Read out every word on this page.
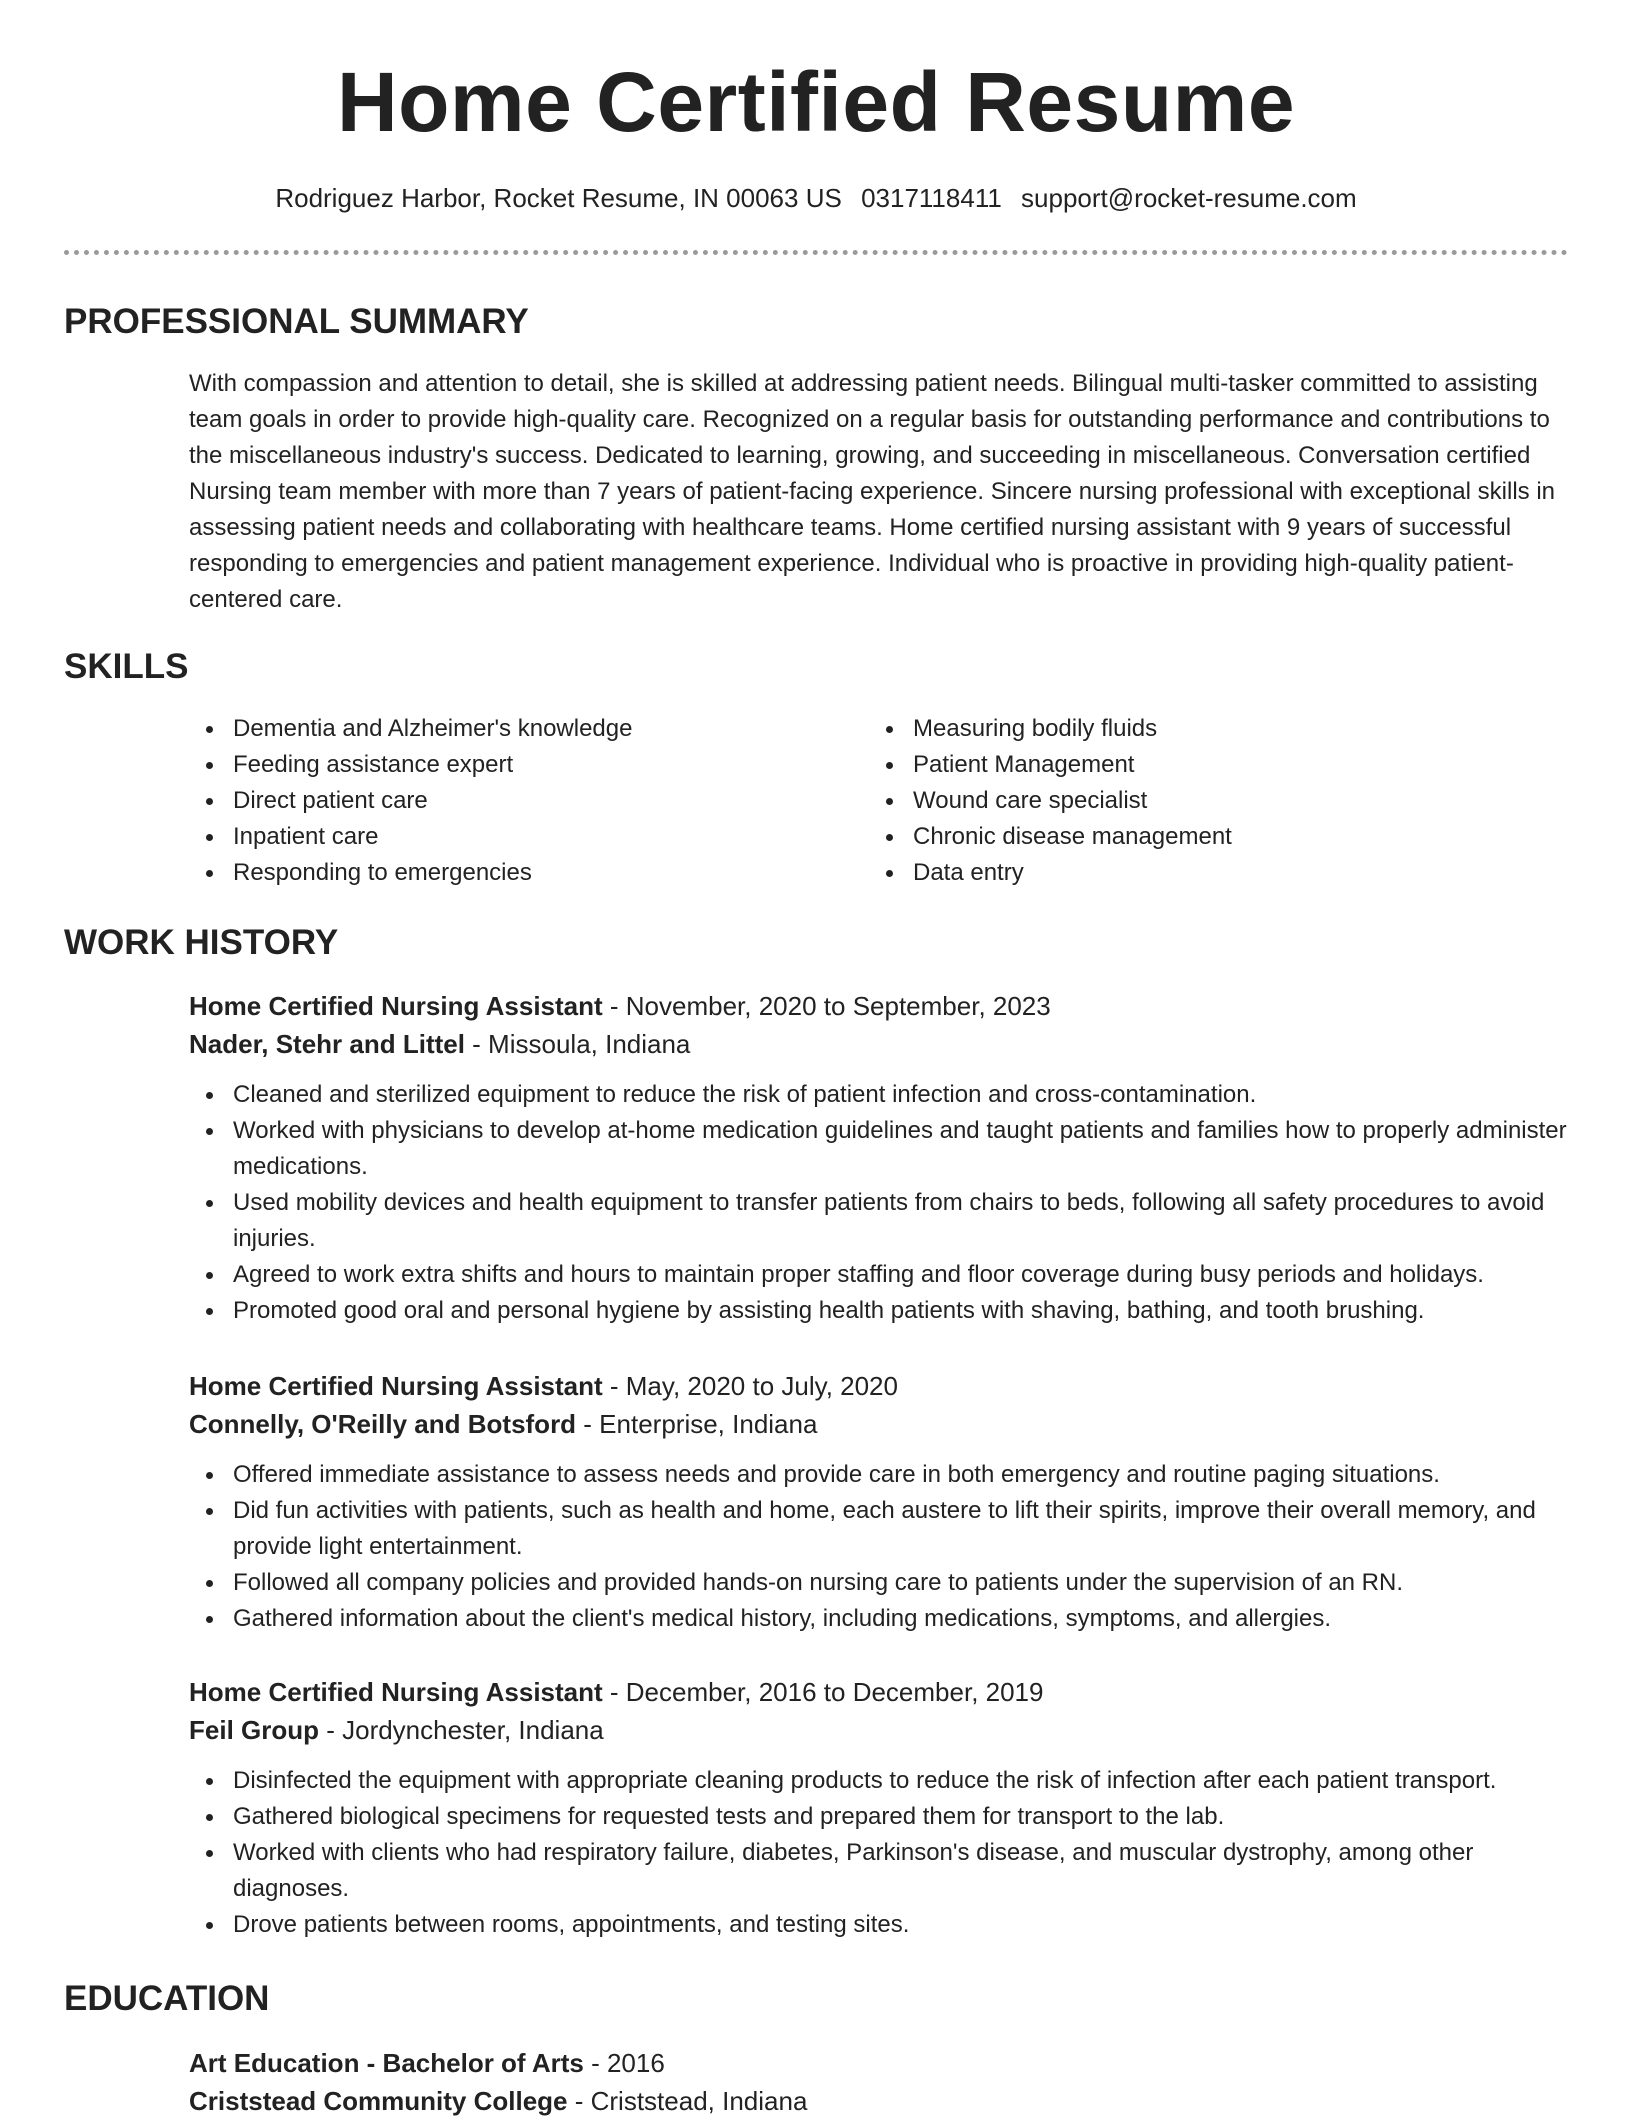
Home Certified Resume
Rodriguez Harbor, Rocket Resume, IN 00063 US 0317118411 support@rocket-resume.com
PROFESSIONAL SUMMARY

With compassion and attention to detail, she is skilled at addressing patient needs. Bilingual multi-tasker committed to assisting team goals in order to provide high-quality care. Recognized on a regular basis for outstanding performance and contributions to the miscellaneous industry's success. Dedicated to learning, growing, and succeeding in miscellaneous. Conversation certified Nursing team member with more than 7 years of patient-facing experience. Sincere nursing professional with exceptional skills in assessing patient needs and collaborating with healthcare teams. Home certified nursing assistant with 9 years of successful responding to emergencies and patient management experience. Individual who is proactive in providing high-quality patient-centered care.

SKILLS
Dementia and Alzheimer's knowledge
Feeding assistance expert
Direct patient care
Inpatient care
Responding to emergencies
Measuring bodily fluids
Patient Management
Wound care specialist
Chronic disease management
Data entry
WORK HISTORY

Home Certified Nursing Assistant - November, 2020 to September, 2023

Nader, Stehr and Littel - Missoula, Indiana

Cleaned and sterilized equipment to reduce the risk of patient infection and cross-contamination.
Worked with physicians to develop at-home medication guidelines and taught patients and families how to properly administer medications.
Used mobility devices and health equipment to transfer patients from chairs to beds, following all safety procedures to avoid injuries.
Agreed to work extra shifts and hours to maintain proper staffing and floor coverage during busy periods and holidays.
Promoted good oral and personal hygiene by assisting health patients with shaving, bathing, and tooth brushing.

Home Certified Nursing Assistant - May, 2020 to July, 2020

Connelly, O'Reilly and Botsford - Enterprise, Indiana

Offered immediate assistance to assess needs and provide care in both emergency and routine paging situations.
Did fun activities with patients, such as health and home, each austere to lift their spirits, improve their overall memory, and provide light entertainment.
Followed all company policies and provided hands-on nursing care to patients under the supervision of an RN.
Gathered information about the client's medical history, including medications, symptoms, and allergies.

Home Certified Nursing Assistant - December, 2016 to December, 2019

Feil Group - Jordynchester, Indiana

Disinfected the equipment with appropriate cleaning products to reduce the risk of infection after each patient transport.
Gathered biological specimens for requested tests and prepared them for transport to the lab.
Worked with clients who had respiratory failure, diabetes, Parkinson's disease, and muscular dystrophy, among other diagnoses.
Drove patients between rooms, appointments, and testing sites.
EDUCATION

Art Education - Bachelor of Arts - 2016

Criststead Community College - Criststead, Indiana
